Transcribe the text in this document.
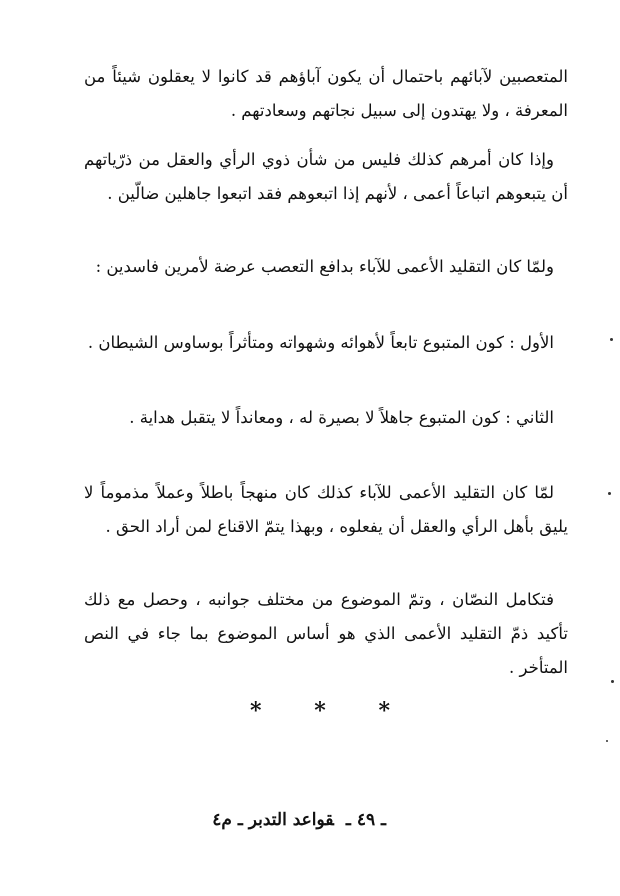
المتعصبين لآبائهم باحتمال أن يكون آباؤهم قد كانوا لا يعقلون شيئاً من المعرفة ، ولا يهتدون إلى سبيل نجاتهم وسعادتهم .

وإذا كان أمرهم كذلك فليس من شأن ذوي الرأي والعقل من ذرّياتهم أن يتبعوهم اتباعاً أعمى ، لأنهم إذا اتبعوهم فقد اتبعوا جاهلين ضالّين .

ولمّا كان التقليد الأعمى للآباء بدافع التعصب عرضة لأمرين فاسدين :

الأول : كون المتبوع تابعاً لأهوائه وشهواته ومتأثراً بوساوس الشيطان .

الثاني : كون المتبوع جاهلاً لا بصيرة له ، ومعانداً لا يتقبل هداية .

لمّا كان التقليد الأعمى للآباء كذلك كان منهجاً باطلاً وعملاً مذموماً لا يليق بأهل الرأي والعقل أن يفعلوه ، وبهذا يتمّ الاقناع لمن أراد الحق .

فتكامل النصّان ، وتمّ الموضوع من مختلف جوانبه ، وحصل مع ذلك تأكيد ذمّ التقليد الأعمى الذي هو أساس الموضوع بما جاء في النص المتأخر .

* * *
ـ ٤٩ ـقواعد التدبر ـ م٤
